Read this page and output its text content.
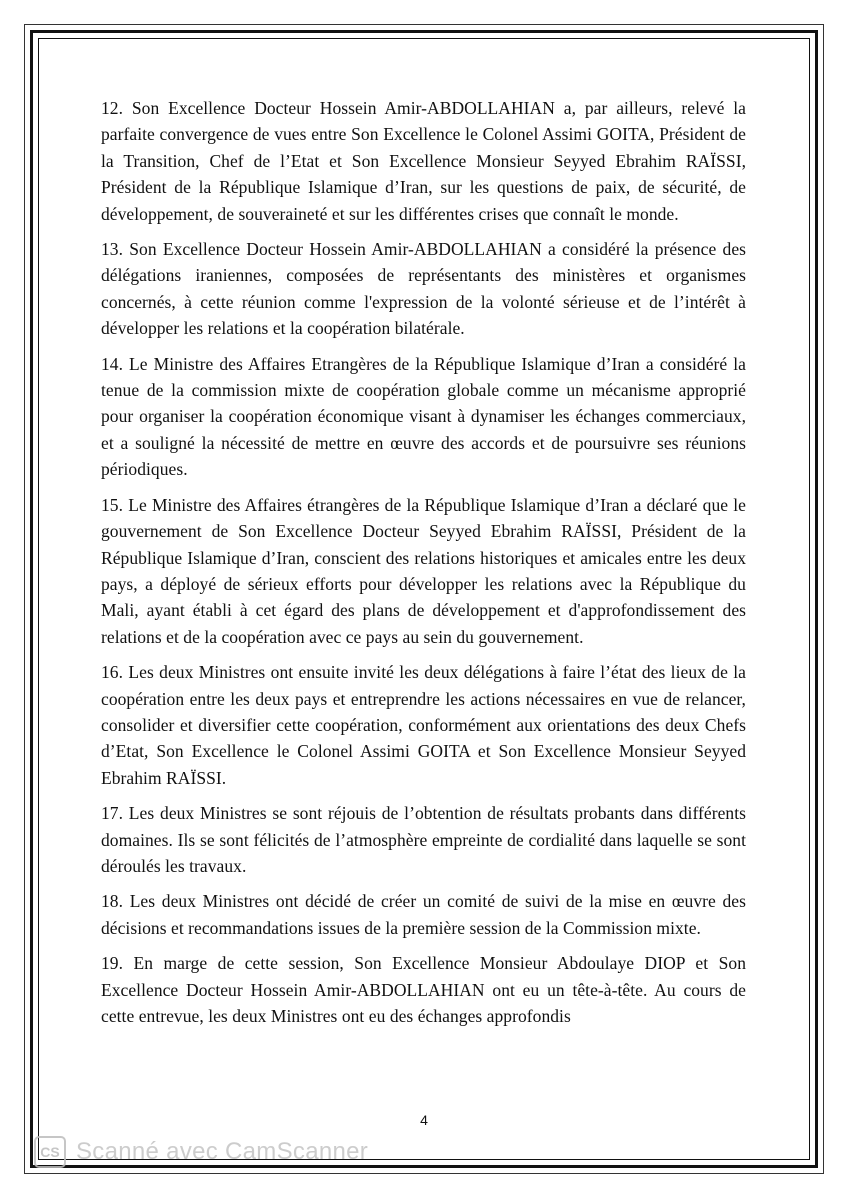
12. Son Excellence Docteur Hossein Amir-ABDOLLAHIAN a, par ailleurs, relevé la parfaite convergence de vues entre Son Excellence le Colonel Assimi GOITA, Président de la Transition, Chef de l’Etat et Son Excellence Monsieur Seyyed Ebrahim RAÏSSI, Président de la République Islamique d’Iran, sur les questions de paix, de sécurité, de développement, de souveraineté et sur les différentes crises que connaît le monde.

13. Son Excellence Docteur Hossein Amir-ABDOLLAHIAN a considéré la présence des délégations iraniennes, composées de représentants des ministères et organismes concernés, à cette réunion comme l'expression de la volonté sérieuse et de l’intérêt à développer les relations et la coopération bilatérale.

14. Le Ministre des Affaires Etrangères de la République Islamique d’Iran a considéré la tenue de la commission mixte de coopération globale comme un mécanisme approprié pour organiser la coopération économique visant à dynamiser les échanges commerciaux, et a souligné la nécessité de mettre en œuvre des accords et de poursuivre ses réunions périodiques.

15. Le Ministre des Affaires étrangères de la République Islamique d’Iran a déclaré que le gouvernement de Son Excellence Docteur Seyyed Ebrahim RAÏSSI, Président de la République Islamique d’Iran, conscient des relations historiques et amicales entre les deux pays, a déployé de sérieux efforts pour développer les relations avec la République du Mali, ayant établi à cet égard des plans de développement et d'approfondissement des relations et de la coopération avec ce pays au sein du gouvernement.

16. Les deux Ministres ont ensuite invité les deux délégations à faire l’état des lieux de la coopération entre les deux pays et entreprendre les actions nécessaires en vue de relancer, consolider et diversifier cette coopération, conformément aux orientations des deux Chefs d’Etat, Son Excellence le Colonel Assimi GOITA et Son Excellence Monsieur Seyyed Ebrahim RAÏSSI.

17. Les deux Ministres se sont réjouis de l’obtention de résultats probants dans différents domaines. Ils se sont félicités de l’atmosphère empreinte de cordialité dans laquelle se sont déroulés les travaux.

18. Les deux Ministres ont décidé de créer un comité de suivi de la mise en œuvre des décisions et recommandations issues de la première session de la Commission mixte.

19. En marge de cette session, Son Excellence Monsieur Abdoulaye DIOP et Son Excellence Docteur Hossein Amir-ABDOLLAHIAN ont eu un tête-à-tête. Au cours de cette entrevue, les deux Ministres ont eu des échanges approfondis

4
CS Scanné avec CamScanner
